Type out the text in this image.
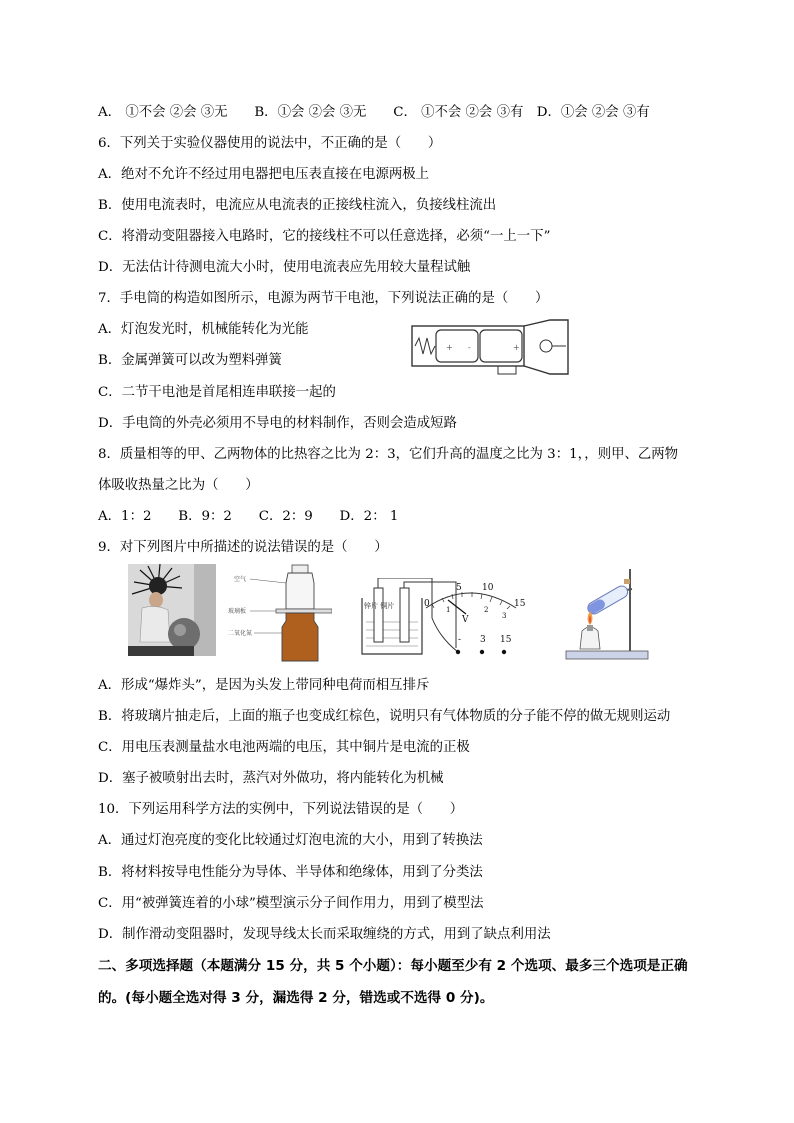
A． ①不会 ②会 ③无　　B．①会 ②会 ③无　　C． ①不会 ②会 ③有　D．①会 ②会 ③有
6．下列关于实验仪器使用的说法中，不正确的是（　　）
A．绝对不允许不经过用电器把电压表直接在电源两极上
B．使用电流表时，电流应从电流表的正接线柱流入，负接线柱流出
C．将滑动变阻器接入电路时，它的接线柱不可以任意选择，必须“一上一下”
D．无法估计待测电流大小时，使用电流表应先用较大量程试触
7．手电筒的构造如图所示，电源为两节干电池，下列说法正确的是（　　）
A．灯泡发光时，机械能转化为光能
B．金属弹簧可以改为塑料弹簧
C．二节干电池是首尾相连串联接一起的
D．手电筒的外壳必须用不导电的材料制作，否则会造成短路
8．质量相等的甲、乙两物体的比热容之比为 2：3，它们升高的温度之比为 3：1，，则甲、乙两物
体吸收热量之比为（　　）
A．1：2　　B．9：2　　C．2：9　　D．2： 1
9．对下列图片中所描述的说法错误的是（　　）
+ -	+
空气
玻璃板
二氧化氮
锌片 铜片	0
5 10
15
1	2
3
V
- 3 15
A．形成“爆炸头”，是因为头发上带同种电荷而相互排斥
B．将玻璃片抽走后，上面的瓶子也变成红棕色，说明只有气体物质的分子能不停的做无规则运动
C．用电压表测量盐水电池两端的电压，其中铜片是电流的正极
D．塞子被喷射出去时，蒸汽对外做功，将内能转化为机械
10．下列运用科学方法的实例中，下列说法错误的是（　　）
A．通过灯泡亮度的变化比较通过灯泡电流的大小，用到了转换法
B．将材料按导电性能分为导体、半导体和绝缘体，用到了分类法
C．用“被弹簧连着的小球”模型演示分子间作用力，用到了模型法
D．制作滑动变阻器时，发现导线太长而采取缠绕的方式，用到了缺点利用法
二、多项选择题（本题满分 15 分，共 5 个小题）：每小题至少有 2 个选项、最多三个选项是正确
的。(每小题全选对得 3 分，漏选得 2 分，错选或不选得 0 分)。
